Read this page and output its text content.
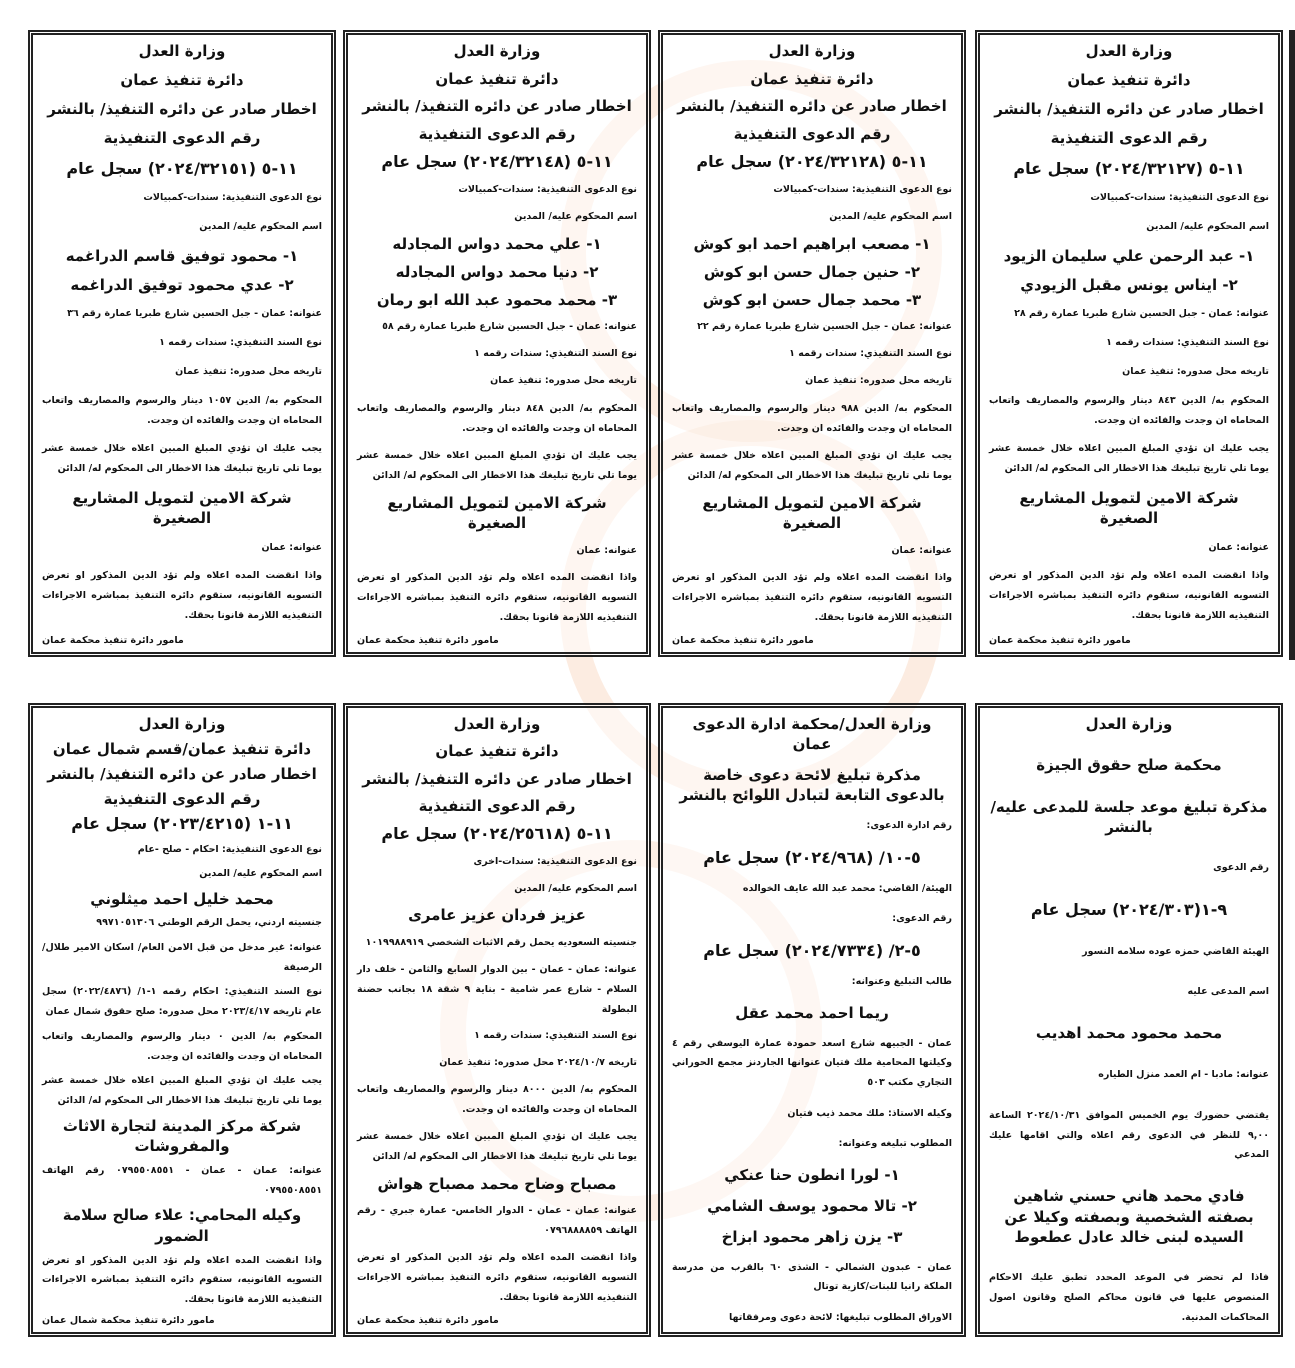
وزارة العدل
دائرة تنفيذ عمان
اخطار صادر عن دائره التنفيذ/ بالنشر
رقم الدعوى التنفيذية
١١-٥ (٢٠٢٤/٣٢١٢٧) سجل عام
نوع الدعوى التنفيذية: سندات-كمبيالات
اسم المحكوم عليه/ المدين
١- عبد الرحمن علي سليمان الزيود
٢- ايناس يونس مقبل الزيودي
عنوانه: عمان - جبل الحسين شارع طبريا عمارة رقم ٢٨
نوع السند التنفيذي: سندات رقمه ١
تاريخه محل صدوره: تنفيذ عمان
المحكوم به/ الدين ٨٤٣ دينار والرسوم والمصاريف واتعاب المحاماه ان وجدت والفائده ان وجدت.
يجب عليك ان تؤدي المبلغ المبين اعلاه خلال خمسة عشر يوما تلي تاريخ تبليغك هذا الاخطار الى المحكوم له/ الدائن
شركة الامين لتمويل المشاريع الصغيرة
عنوانه: عمان
واذا انقضت المده اعلاه ولم تؤد الدين المذكور او تعرض التسويه القانونيه، ستقوم دائره التنفيذ بمباشره الاجراءات التنفيذيه اللازمة قانونا بحقك.
مامور دائرة تنفيذ محكمة عمان
وزارة العدل
دائرة تنفيذ عمان
اخطار صادر عن دائره التنفيذ/ بالنشر
رقم الدعوى التنفيذية
١١-٥ (٢٠٢٤/٣٢١٢٨) سجل عام
نوع الدعوى التنفيذية: سندات-كمبيالات
اسم المحكوم عليه/ المدين
١- مصعب ابراهيم احمد ابو كوش
٢- حنين جمال حسن ابو كوش
٣- محمد جمال حسن ابو كوش
عنوانه: عمان - جبل الحسين شارع طبريا عمارة رقم ٢٢
نوع السند التنفيذي: سندات رقمه ١
تاريخه محل صدوره: تنفيذ عمان
المحكوم به/ الدين ٩٨٨ دينار والرسوم والمصاريف واتعاب المحاماه ان وجدت والفائده ان وجدت.
يجب عليك ان تؤدي المبلغ المبين اعلاه خلال خمسة عشر يوما تلي تاريخ تبليغك هذا الاخطار الى المحكوم له/ الدائن
شركة الامين لتمويل المشاريع الصغيرة
عنوانه: عمان
واذا انقضت المده اعلاه ولم تؤد الدين المذكور او تعرض التسويه القانونيه، ستقوم دائره التنفيذ بمباشره الاجراءات التنفيذيه اللازمة قانونا بحقك.
مامور دائرة تنفيذ محكمة عمان
وزارة العدل
دائرة تنفيذ عمان
اخطار صادر عن دائره التنفيذ/ بالنشر
رقم الدعوى التنفيذية
١١-٥ (٢٠٢٤/٣٢١٤٨) سجل عام
نوع الدعوى التنفيذية: سندات-كمبيالات
اسم المحكوم عليه/ المدين
١- علي محمد دواس المجادله
٢- دنيا محمد دواس المجادله
٣- محمد محمود عبد الله ابو رمان
عنوانه: عمان - جبل الحسين شارع طبريا عمارة رقم ٥٨
نوع السند التنفيذي: سندات رقمه ١
تاريخه محل صدوره: تنفيذ عمان
المحكوم به/ الدين ٨٤٨ دينار والرسوم والمصاريف واتعاب المحاماه ان وجدت والفائده ان وجدت.
يجب عليك ان تؤدي المبلغ المبين اعلاه خلال خمسة عشر يوما تلي تاريخ تبليغك هذا الاخطار الى المحكوم له/ الدائن
شركة الامين لتمويل المشاريع الصغيرة
عنوانه: عمان
واذا انقضت المده اعلاه ولم تؤد الدين المذكور او تعرض التسويه القانونيه، ستقوم دائره التنفيذ بمباشره الاجراءات التنفيذيه اللازمة قانونا بحقك.
مامور دائرة تنفيذ محكمة عمان
وزارة العدل
دائرة تنفيذ عمان
اخطار صادر عن دائره التنفيذ/ بالنشر
رقم الدعوى التنفيذية
١١-٥ (٢٠٢٤/٣٢١٥١) سجل عام
نوع الدعوى التنفيذية: سندات-كمبيالات
اسم المحكوم عليه/ المدين
١- محمود توفيق قاسم الدراغمه
٢- عدي محمود توفيق الدراغمه
عنوانه: عمان - جبل الحسين شارع طبريا عمارة رقم ٣٦
نوع السند التنفيذي: سندات رقمه ١
تاريخه محل صدوره: تنفيذ عمان
المحكوم به/ الدين ١٠٥٧ دينار والرسوم والمصاريف واتعاب المحاماه ان وجدت والفائده ان وجدت.
يجب عليك ان تؤدي المبلغ المبين اعلاه خلال خمسة عشر يوما تلي تاريخ تبليغك هذا الاخطار الى المحكوم له/ الدائن
شركة الامين لتمويل المشاريع الصغيرة
عنوانه: عمان
واذا انقضت المده اعلاه ولم تؤد الدين المذكور او تعرض التسويه القانونيه، ستقوم دائره التنفيذ بمباشره الاجراءات التنفيذيه اللازمة قانونا بحقك.
مامور دائرة تنفيذ محكمة عمان
وزارة العدل
محكمة صلح حقوق الجيزة
مذكرة تبليغ موعد جلسة للمدعى عليه/بالنشر
رقم الدعوى
٩-١(٢٠٢٤/٣٠٣) سجل عام
الهيئة القاضي حمزه عوده سلامه النسور
اسم المدعى عليه
محمد محمود محمد اهديب
عنوانه: مادبا - ام العمد منزل الطياره
يقتضي حضورك يوم الخميس الموافق ٢٠٢٤/١٠/٣١ الساعة ٩,٠٠ للنظر في الدعوى رقم اعلاه والتي اقامها عليك المدعي
فادي محمد هاني حسني شاهين بصفته الشخصية وبصفته وكيلا عن السيده لبنى خالد عادل عطعوط
فاذا لم تحضر في الموعد المحدد تطبق عليك الاحكام المنصوص عليها في قانون محاكم الصلح وقانون اصول المحاكمات المدنية.
وزارة العدل/محكمة ادارة الدعوى عمان
مذكرة تبليغ لائحة دعوى خاصة بالدعوى التابعة لتبادل اللوائح بالنشر
رقم ادارة الدعوى:
٥-١٠/ (٢٠٢٤/٩٦٨) سجل عام
الهيئة/ القاضي: محمد عبد الله عايف الخوالده
رقم الدعوى:
٥-٢/ (٢٠٢٤/٧٣٣٤) سجل عام
طالب التبليغ وعنوانه:
ريما احمد محمد عقل
عمان - الجبيهه شارع اسعد حمودة عمارة اليوسفي رقم ٤ وكيلتها المحامية ملك فتيان عنوانها الجاردنز مجمع الحوراني التجاري مكتب ٥٠٣
وكيله الاستاذ: ملك محمد ذيب فتيان
المطلوب تبليغه وعنوانه:
١- لورا انطون حنا عنكي
٢- تالا محمود يوسف الشامي
٣- يزن زاهر محمود ابزاخ
عمان - عبدون الشمالي - الشذى ٦٠ بالقرب من مدرسة الملكة رانيا للبنات/كازية توتال
الاوراق المطلوب تبليغها: لائحة دعوى ومرفقاتها
وزارة العدل
دائرة تنفيذ عمان
اخطار صادر عن دائره التنفيذ/ بالنشر
رقم الدعوى التنفيذية
١١-٥ (٢٠٢٤/٢٥٦١٨) سجل عام
نوع الدعوى التنفيذية: سندات-اخرى
اسم المحكوم عليه/ المدين
عزيز فردان عزيز عامرى
جنسيته السعوديه يحمل رقم الاثبات الشخصي ١٠١٩٩٨٨٩١٩
عنوانه: عمان - عمان - بين الدوار السابع والثامن - خلف دار السلام - شارع عمر شامية - بناية ٩ شقة ١٨ بجانب حضنة البطولة
نوع السند التنفيذي: سندات رقمه ١
تاريخه ٢٠٢٤/١٠/٧ محل صدوره: تنفيذ عمان
المحكوم به/ الدين ٨٠٠٠ دينار والرسوم والمصاريف واتعاب المحاماه ان وجدت والفائده ان وجدت.
يجب عليك ان تؤدي المبلغ المبين اعلاه خلال خمسة عشر يوما تلي تاريخ تبليغك هذا الاخطار الى المحكوم له/ الدائن
مصباح وضاح محمد مصباح هواش
عنوانه: عمان - عمان - الدوار الخامس- عمارة جبري - رقم الهاتف ٠٧٩٦٨٨٨٨٥٩
واذا انقضت المده اعلاه ولم تؤد الدين المذكور او تعرض التسويه القانونيه، ستقوم دائره التنفيذ بمباشره الاجراءات التنفيذيه اللازمة قانونا بحقك.
مامور دائرة تنفيذ محكمة عمان
وزارة العدل
دائرة تنفيذ عمان/قسم شمال عمان
اخطار صادر عن دائره التنفيذ/ بالنشر
رقم الدعوى التنفيذية
١١-١ (٢٠٢٣/٤٢١٥) سجل عام
نوع الدعوى التنفيذية: احكام - صلح -عام
اسم المحكوم عليه/ المدين
محمد خليل احمد ميثلوني
جنسيته اردني، يحمل الرقم الوطني ٩٩٧١٠٥١٣٠٦
عنوانه: غير مدخل من قبل الامن العام/ اسكان الامير طلال/ الرصيفة
نوع السند التنفيذي: احكام رقمه ١-١/ (٢٠٢٢/٤٨٧٦) سجل عام تاريخه ٢٠٢٣/٤/١٧ محل صدوره: صلح حقوق شمال عمان
المحكوم به/ الدين ٠ دينار والرسوم والمصاريف واتعاب المحاماه ان وجدت والفائده ان وجدت.
يجب عليك ان تؤدي المبلغ المبين اعلاه خلال خمسة عشر يوما تلي تاريخ تبليغك هذا الاخطار الى المحكوم له/ الدائن
شركة مركز المدينة لتجارة الاثاث والمفروشات
عنوانه: عمان - عمان - ٠٧٩٥٥٠٨٥٥١ رقم الهاتف ٠٧٩٥٥٠٨٥٥١
وكيله المحامي: علاء صالح سلامة الضمور
واذا انقضت المده اعلاه ولم تؤد الدين المذكور او تعرض التسويه القانونيه، ستقوم دائره التنفيذ بمباشره الاجراءات التنفيذيه اللازمة قانونا بحقك.
مامور دائرة تنفيذ محكمة شمال عمان
